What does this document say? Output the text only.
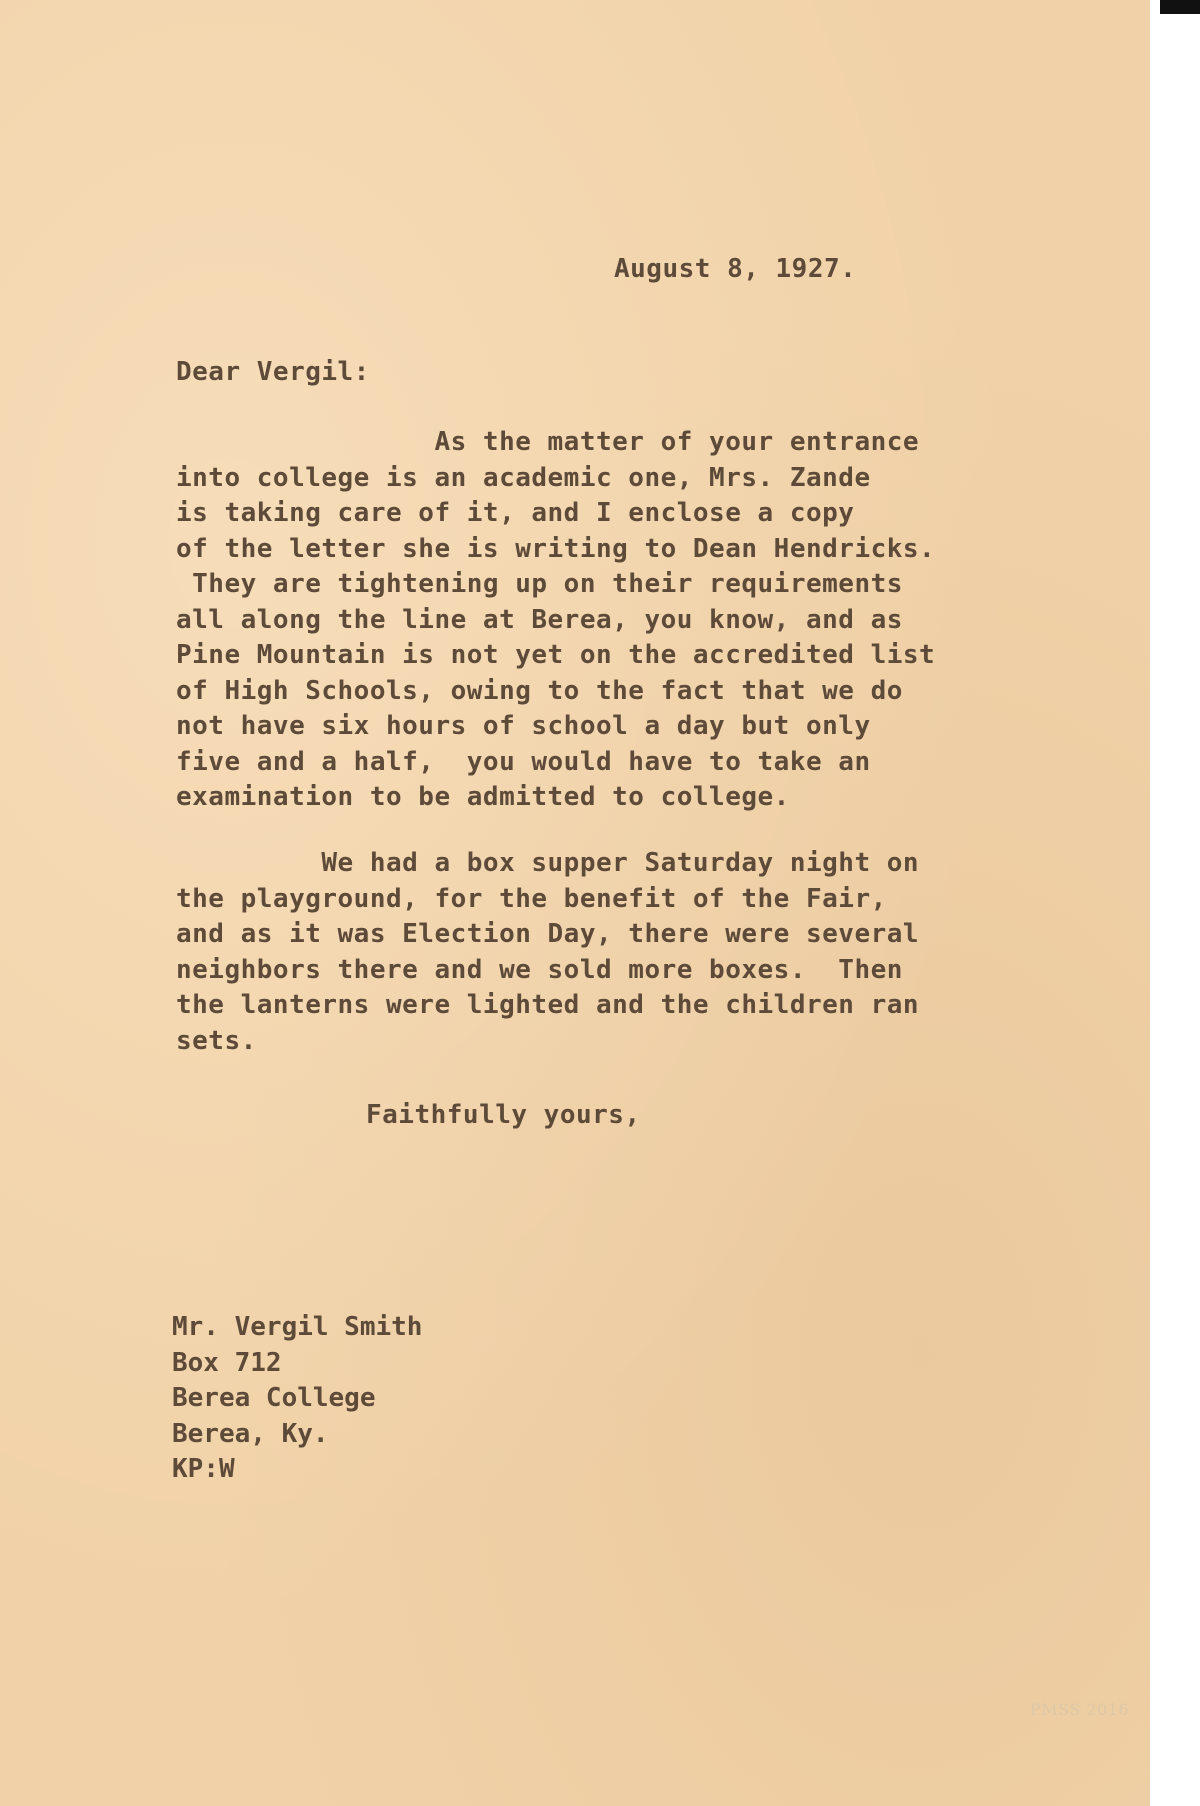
August 8, 1927.
Dear Vergil:
As the matter of your entrance
into college is an academic one, Mrs. Zande
is taking care of it, and I enclose a copy
of the letter she is writing to Dean Hendricks.
They are tightening up on their requirements
all along the line at Berea, you know, and as
Pine Mountain is not yet on the accredited list
of High Schools, owing to the fact that we do
not have six hours of school a day but only
five and a half,  you would have to take an
examination to be admitted to college.
We had a box supper Saturday night on
the playground, for the benefit of the Fair,
and as it was Election Day, there were several
neighbors there and we sold more boxes.  Then
the lanterns were lighted and the children ran
sets.
Faithfully yours,
Mr. Vergil Smith
Box 712
Berea College
Berea, Ky.
KP:W
PMSS 2016
